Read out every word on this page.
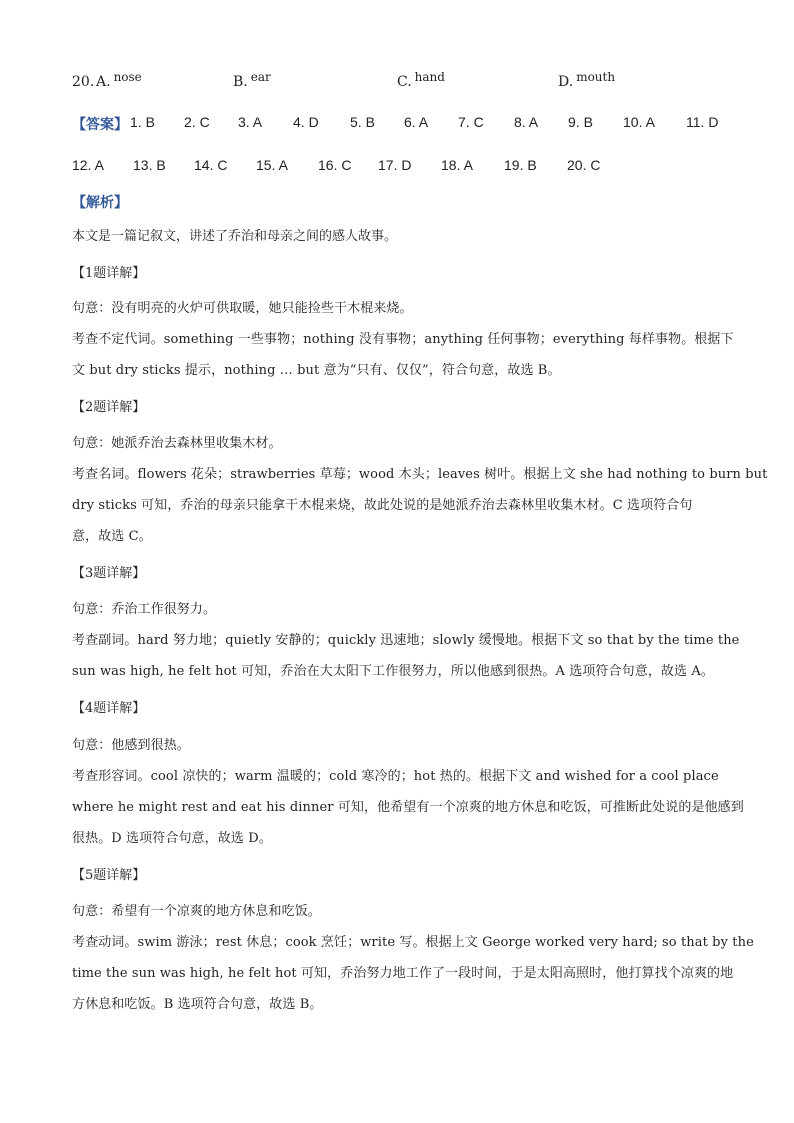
20. A. nose	B. ear	C. hand	D. mouth
【答案】 1. B 2. C 3. A 4. D 5. B 6. A 7. C 8. A 9. B 10. A 11. D
12. A 13. B 14. C 15. A 16. C 17. D 18. A 19. B 20. C
【解析】
本文是一篇记叙文，讲述了乔治和母亲之间的感人故事。
【1题详解】
句意：没有明亮的火炉可供取暖，她只能捡些干木棍来烧。
考查不定代词。something 一些事物；nothing 没有事物；anything 任何事物；everything 每样事物。根据下
文 but dry sticks 提示，nothing … but 意为“只有、仅仅”，符合句意，故选 B。
【2题详解】
句意：她派乔治去森林里收集木材。
考查名词。flowers 花朵；strawberries 草莓；wood 木头；leaves 树叶。根据上文 she had nothing to burn but
dry sticks 可知，乔治的母亲只能拿干木棍来烧，故此处说的是她派乔治去森林里收集木材。C 选项符合句
意，故选 C。
【3题详解】
句意：乔治工作很努力。
考查副词。hard 努力地；quietly 安静的；quickly 迅速地；slowly 缓慢地。根据下文 so that by the time the
sun was high, he felt hot 可知，乔治在大太阳下工作很努力，所以他感到很热。A 选项符合句意，故选 A。
【4题详解】
句意：他感到很热。
考查形容词。cool 凉快的；warm 温暖的；cold 寒冷的；hot 热的。根据下文 and wished for a cool place
where he might rest and eat his dinner 可知，他希望有一个凉爽的地方休息和吃饭，可推断此处说的是他感到
很热。D 选项符合句意，故选 D。
【5题详解】
句意：希望有一个凉爽的地方休息和吃饭。
考查动词。swim 游泳；rest 休息；cook 烹饪；write 写。根据上文 George worked very hard; so that by the
time the sun was high, he felt hot 可知，乔治努力地工作了一段时间，于是太阳高照时，他打算找个凉爽的地
方休息和吃饭。B 选项符合句意，故选 B。
